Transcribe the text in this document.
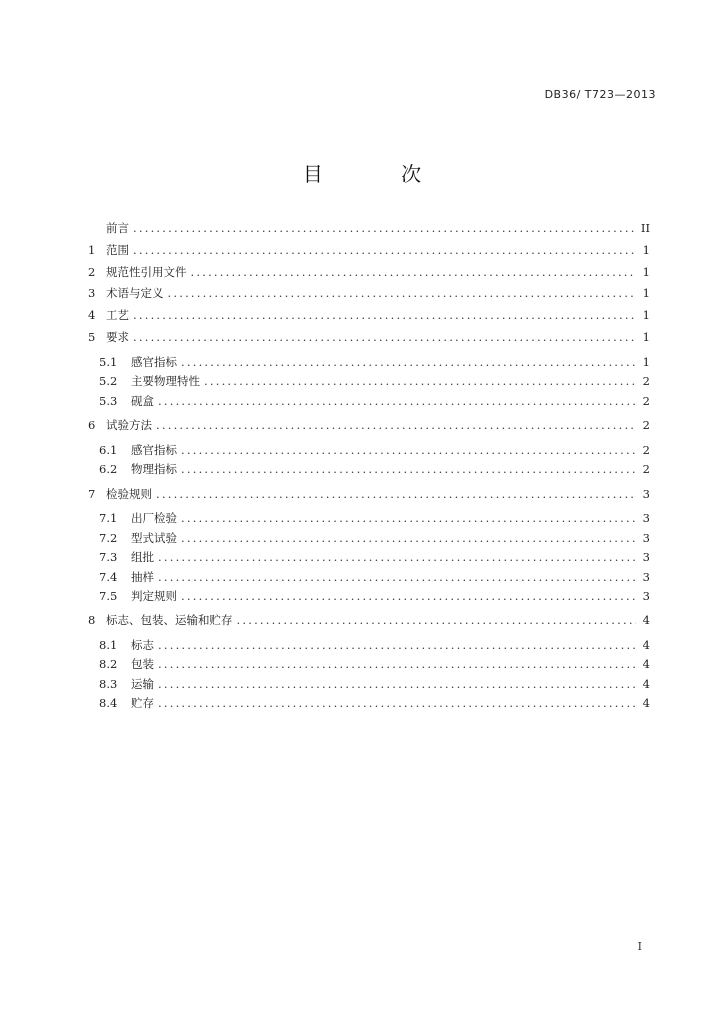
DB36/ T723—2013
目 次
前言 .....	II
1 范围 .....	1
2 规范性引用文件 .....	1
3 术语与定义 .....	1
4 工艺 .....	1
5 要求 .....	1
5.1	感官指标 .....	1
5.2	主要物理特性 .....	2
5.3	砚盒 .....	2
6 试验方法 .....	2
6.1	感官指标 .....	2
6.2	物理指标 .....	2
7 检验规则 .....	3
7.1	出厂检验 .....	3
7.2	型式试验 .....	3
7.3	组批 .....	3
7.4	抽样 .....	3
7.5	判定规则 .....	3
8 标志、包装、运输和贮存 .....	4
8.1	标志 .....	4
8.2	包装 .....	4
8.3	运输 .....	4
8.4	贮存 .....	4
I
